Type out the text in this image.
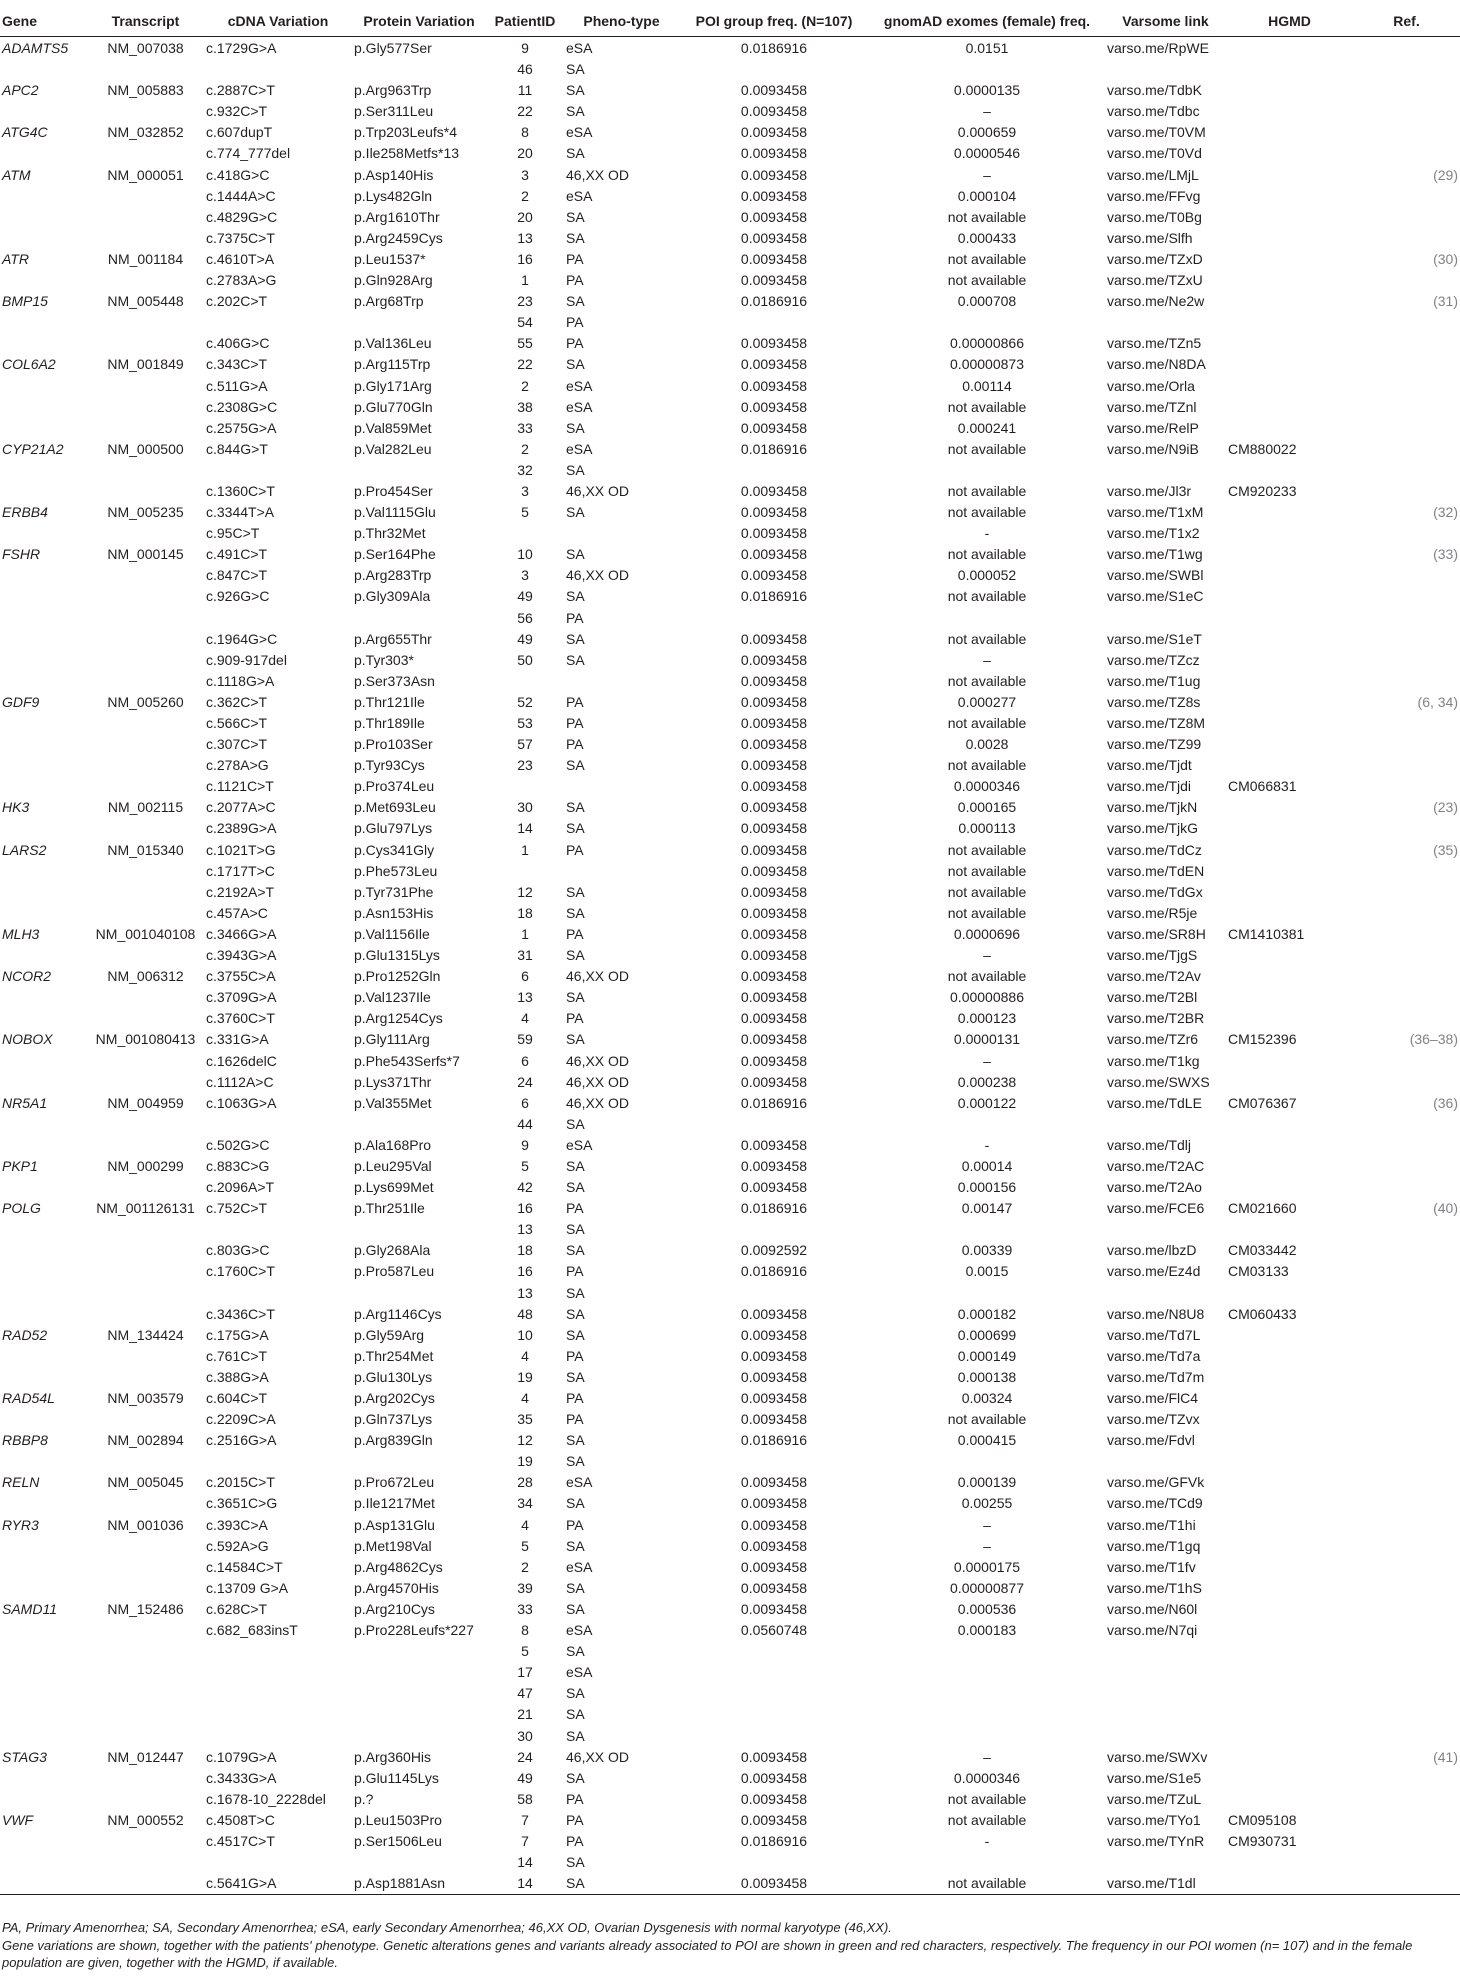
Gene	Transcript	cDNA Variation	Protein Variation	PatientID	Pheno-type	POI group freq. (N=107)	gnomAD exomes (female) freq.	Varsome link	HGMD	Ref.
ADAMTS5	NM_007038	c.1729G>A	p.Gly577Ser	9	eSA	0.0186916	0.0151	varso.me/RpWE		
				46	SA					
APC2	NM_005883	c.2887C>T	p.Arg963Trp	11	SA	0.0093458	0.0000135	varso.me/TdbK		
		c.932C>T	p.Ser311Leu	22	SA	0.0093458	–	varso.me/Tdbc		
ATG4C	NM_032852	c.607dupT	p.Trp203Leufs*4	8	eSA	0.0093458	0.000659	varso.me/T0VM		
		c.774_777del	p.Ile258Metfs*13	20	SA	0.0093458	0.0000546	varso.me/T0Vd		
ATM	NM_000051	c.418G>C	p.Asp140His	3	46,XX OD	0.0093458	–	varso.me/LMjL		(29)
		c.1444A>C	p.Lys482Gln	2	eSA	0.0093458	0.000104	varso.me/FFvg		
		c.4829G>C	p.Arg1610Thr	20	SA	0.0093458	not available	varso.me/T0Bg		
		c.7375C>T	p.Arg2459Cys	13	SA	0.0093458	0.000433	varso.me/Slfh		
ATR	NM_001184	c.4610T>A	p.Leu1537*	16	PA	0.0093458	not available	varso.me/TZxD		(30)
		c.2783A>G	p.Gln928Arg	1	PA	0.0093458	not available	varso.me/TZxU		
BMP15	NM_005448	c.202C>T	p.Arg68Trp	23	SA	0.0186916	0.000708	varso.me/Ne2w		(31)
				54	PA					
		c.406G>C	p.Val136Leu	55	PA	0.0093458	0.00000866	varso.me/TZn5		
COL6A2	NM_001849	c.343C>T	p.Arg115Trp	22	SA	0.0093458	0.00000873	varso.me/N8DA		
		c.511G>A	p.Gly171Arg	2	eSA	0.0093458	0.00114	varso.me/Orla		
		c.2308G>C	p.Glu770Gln	38	eSA	0.0093458	not available	varso.me/TZnl		
		c.2575G>A	p.Val859Met	33	SA	0.0093458	0.000241	varso.me/RelP		
CYP21A2	NM_000500	c.844G>T	p.Val282Leu	2	eSA	0.0186916	not available	varso.me/N9iB	CM880022	
				32	SA					
		c.1360C>T	p.Pro454Ser	3	46,XX OD	0.0093458	not available	varso.me/Jl3r	CM920233	
ERBB4	NM_005235	c.3344T>A	p.Val1115Glu	5	SA	0.0093458	not available	varso.me/T1xM		(32)
		c.95C>T	p.Thr32Met			0.0093458	-	varso.me/T1x2		
FSHR	NM_000145	c.491C>T	p.Ser164Phe	10	SA	0.0093458	not available	varso.me/T1wg		(33)
		c.847C>T	p.Arg283Trp	3	46,XX OD	0.0093458	0.000052	varso.me/SWBl		
		c.926G>C	p.Gly309Ala	49	SA	0.0186916	not available	varso.me/S1eC		
				56	PA					
		c.1964G>C	p.Arg655Thr	49	SA	0.0093458	not available	varso.me/S1eT		
		c.909-917del	p.Tyr303*	50	SA	0.0093458	–	varso.me/TZcz		
		c.1118G>A	p.Ser373Asn			0.0093458	not available	varso.me/T1ug		
GDF9	NM_005260	c.362C>T	p.Thr121Ile	52	PA	0.0093458	0.000277	varso.me/TZ8s		(6, 34)
		c.566C>T	p.Thr189Ile	53	PA	0.0093458	not available	varso.me/TZ8M		
		c.307C>T	p.Pro103Ser	57	PA	0.0093458	0.0028	varso.me/TZ99		
		c.278A>G	p.Tyr93Cys	23	SA	0.0093458	not available	varso.me/Tjdt		
		c.1121C>T	p.Pro374Leu			0.0093458	0.0000346	varso.me/Tjdi	CM066831	
HK3	NM_002115	c.2077A>C	p.Met693Leu	30	SA	0.0093458	0.000165	varso.me/TjkN		(23)
		c.2389G>A	p.Glu797Lys	14	SA	0.0093458	0.000113	varso.me/TjkG		
LARS2	NM_015340	c.1021T>G	p.Cys341Gly	1	PA	0.0093458	not available	varso.me/TdCz		(35)
		c.1717T>C	p.Phe573Leu			0.0093458	not available	varso.me/TdEN		
		c.2192A>T	p.Tyr731Phe	12	SA	0.0093458	not available	varso.me/TdGx		
		c.457A>C	p.Asn153His	18	SA	0.0093458	not available	varso.me/R5je		
MLH3	NM_001040108	c.3466G>A	p.Val1156Ile	1	PA	0.0093458	0.0000696	varso.me/SR8H	CM1410381	
		c.3943G>A	p.Glu1315Lys	31	SA	0.0093458	–	varso.me/TjgS		
NCOR2	NM_006312	c.3755C>A	p.Pro1252Gln	6	46,XX OD	0.0093458	not available	varso.me/T2Av		
		c.3709G>A	p.Val1237Ile	13	SA	0.0093458	0.00000886	varso.me/T2Bl		
		c.3760C>T	p.Arg1254Cys	4	PA	0.0093458	0.000123	varso.me/T2BR		
NOBOX	NM_001080413	c.331G>A	p.Gly111Arg	59	SA	0.0093458	0.0000131	varso.me/TZr6	CM152396	(36–38)
		c.1626delC	p.Phe543Serfs*7	6	46,XX OD	0.0093458	–	varso.me/T1kg		
		c.1112A>C	p.Lys371Thr	24	46,XX OD	0.0093458	0.000238	varso.me/SWXS		
NR5A1	NM_004959	c.1063G>A	p.Val355Met	6	46,XX OD	0.0186916	0.000122	varso.me/TdLE	CM076367	(36)
				44	SA					
		c.502G>C	p.Ala168Pro	9	eSA	0.0093458	-	varso.me/Tdlj		
PKP1	NM_000299	c.883C>G	p.Leu295Val	5	SA	0.0093458	0.00014	varso.me/T2AC		
		c.2096A>T	p.Lys699Met	42	SA	0.0093458	0.000156	varso.me/T2Ao		
POLG	NM_001126131	c.752C>T	p.Thr251Ile	16	PA	0.0186916	0.00147	varso.me/FCE6	CM021660	(40)
				13	SA					
		c.803G>C	p.Gly268Ala	18	SA	0.0092592	0.00339	varso.me/lbzD	CM033442	
		c.1760C>T	p.Pro587Leu	16	PA	0.0186916	0.0015	varso.me/Ez4d	CM03133	
				13	SA					
		c.3436C>T	p.Arg1146Cys	48	SA	0.0093458	0.000182	varso.me/N8U8	CM060433	
RAD52	NM_134424	c.175G>A	p.Gly59Arg	10	SA	0.0093458	0.000699	varso.me/Td7L		
		c.761C>T	p.Thr254Met	4	PA	0.0093458	0.000149	varso.me/Td7a		
		c.388G>A	p.Glu130Lys	19	SA	0.0093458	0.000138	varso.me/Td7m		
RAD54L	NM_003579	c.604C>T	p.Arg202Cys	4	PA	0.0093458	0.00324	varso.me/FlC4		
		c.2209C>A	p.Gln737Lys	35	PA	0.0093458	not available	varso.me/TZvx		
RBBP8	NM_002894	c.2516G>A	p.Arg839Gln	12	SA	0.0186916	0.000415	varso.me/Fdvl		
				19	SA					
RELN	NM_005045	c.2015C>T	p.Pro672Leu	28	eSA	0.0093458	0.000139	varso.me/GFVk		
		c.3651C>G	p.Ile1217Met	34	SA	0.0093458	0.00255	varso.me/TCd9		
RYR3	NM_001036	c.393C>A	p.Asp131Glu	4	PA	0.0093458	–	varso.me/T1hi		
		c.592A>G	p.Met198Val	5	SA	0.0093458	–	varso.me/T1gq		
		c.14584C>T	p.Arg4862Cys	2	eSA	0.0093458	0.0000175	varso.me/T1fv		
		c.13709 G>A	p.Arg4570His	39	SA	0.0093458	0.00000877	varso.me/T1hS		
SAMD11	NM_152486	c.628C>T	p.Arg210Cys	33	SA	0.0093458	0.000536	varso.me/N60l		
		c.682_683insT	p.Pro228Leufs*227	8	eSA	0.0560748	0.000183	varso.me/N7qi		
				5	SA					
				17	eSA					
				47	SA					
				21	SA					
				30	SA					
STAG3	NM_012447	c.1079G>A	p.Arg360His	24	46,XX OD	0.0093458	–	varso.me/SWXv		(41)
		c.3433G>A	p.Glu1145Lys	49	SA	0.0093458	0.0000346	varso.me/S1e5		
		c.1678-10_2228del	p.?	58	PA	0.0093458	not available	varso.me/TZuL		
VWF	NM_000552	c.4508T>C	p.Leu1503Pro	7	PA	0.0093458	not available	varso.me/TYo1	CM095108	
		c.4517C>T	p.Ser1506Leu	7	PA	0.0186916	-	varso.me/TYnR	CM930731	
				14	SA					
		c.5641G>A	p.Asp1881Asn	14	SA	0.0093458	not available	varso.me/T1dl		

PA, Primary Amenorrhea; SA, Secondary Amenorrhea; eSA, early Secondary Amenorrhea; 46,XX OD, Ovarian Dysgenesis with normal karyotype (46,XX).

Gene variations are shown, together with the patients' phenotype. Genetic alterations genes and variants already associated to POI are shown in green and red characters, respectively. The frequency in our POI women (n= 107) and in the female population are given, together with the HGMD, if available.
